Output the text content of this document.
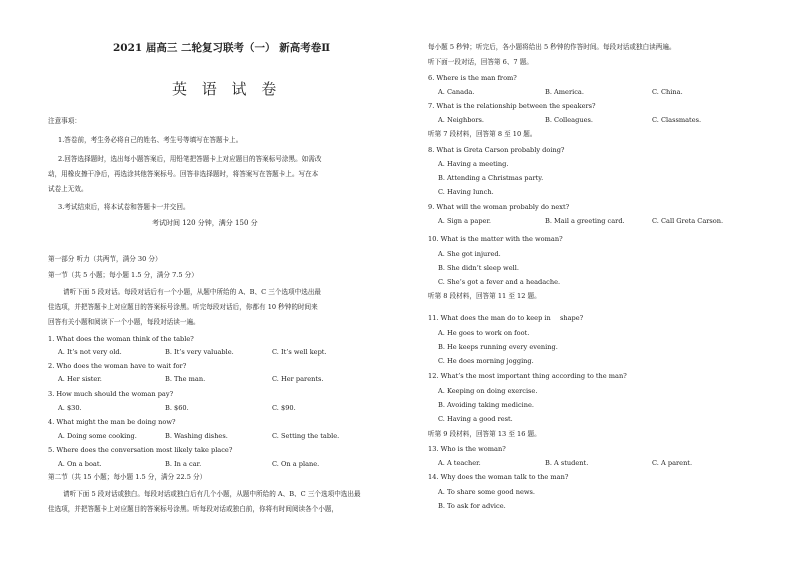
2021 届高三 二轮复习联考（一） 新高考卷Ⅱ
英 语 试 卷
注意事项：
1.答卷前，考生务必将自己的姓名、考生号等填写在答题卡上。
2.回答选择题时，选出每小题答案后，用铅笔把答题卡上对应题目的答案标号涂黑。如需改
动，用橡皮擦干净后，再选涂其他答案标号。回答非选择题时，将答案写在答题卡上。写在本
试卷上无效。
3.考试结束后，将本试卷和答题卡一并交回。
考试时间 120 分钟，满分 150 分
第一部分 听力（共两节，满分 30 分）
第一节（共 5 小题；每小题 1.5 分，满分 7.5 分）
请听下面 5 段对话。每段对话后有一个小题，从题中所给的 A、B、C 三个选项中选出最
佳选项，并把答题卡上对应题目的答案标号涂黑。听完每段对话后，你都有 10 秒钟的时间来
回答有关小题和阅读下一个小题，每段对话读一遍。
1. What does the woman think of the table?
A. It’s not very old.	B. It’s very valuable.	C. It’s well kept.
2. Who does the woman have to wait for?
A. Her sister.	B. The man.	C. Her parents.
3. How much should the woman pay?
A. $30.	B. $60.	C. $90.
4. What might the man be doing now?
A. Doing some cooking.	B. Washing dishes.	C. Setting the table.
5. Where does the conversation most likely take place?
A. On a boat.	B. In a car.	C. On a plane.
第二节（共 15 小题；每小题 1.5 分，满分 22.5 分）
请听下面 5 段对话或独白。每段对话或独白后有几个小题，从题中所给的 A、B、C 三个选项中选出最
佳选项，并把答题卡上对应题目的答案标号涂黑。听每段对话或独白前，你将有时间阅读各个小题，
每小题 5 秒钟；听完后，各小题将给出 5 秒钟的作答时间。每段对话或独白读两遍。
听下面一段对话，回答第 6、7 题。
6. Where is the man from?
A. Canada.	B. America.	C. China.
7. What is the relationship between the speakers?
A. Neighbors.	B. Colleagues.	C. Classmates.
听第 7 段材料，回答第 8 至 10 题。
8. What is Greta Carson probably doing?
A. Having a meeting.
B. Attending a Christmas party.
C. Having lunch.
9. What will the woman probably do next?
A. Sign a paper.	B. Mail a greeting card.	C. Call Greta Carson.
10. What is the matter with the woman?
A. She got injured.
B. She didn’t sleep well.
C. She’s got a fever and a headache.
听第 8 段材料，回答第 11 至 12 题。
11. What does the man do to keep in shape?
A. He goes to work on foot.
B. He keeps running every evening.
C. He does morning jogging.
12. What’s the most important thing according to the man?
A. Keeping on doing exercise.
B. Avoiding taking medicine.
C. Having a good rest.
听第 9 段材料，回答第 13 至 16 题。
13. Who is the woman?
A. A teacher.	B. A student.	C. A parent.
14. Why does the woman talk to the man?
A. To share some good news.
B. To ask for advice.
